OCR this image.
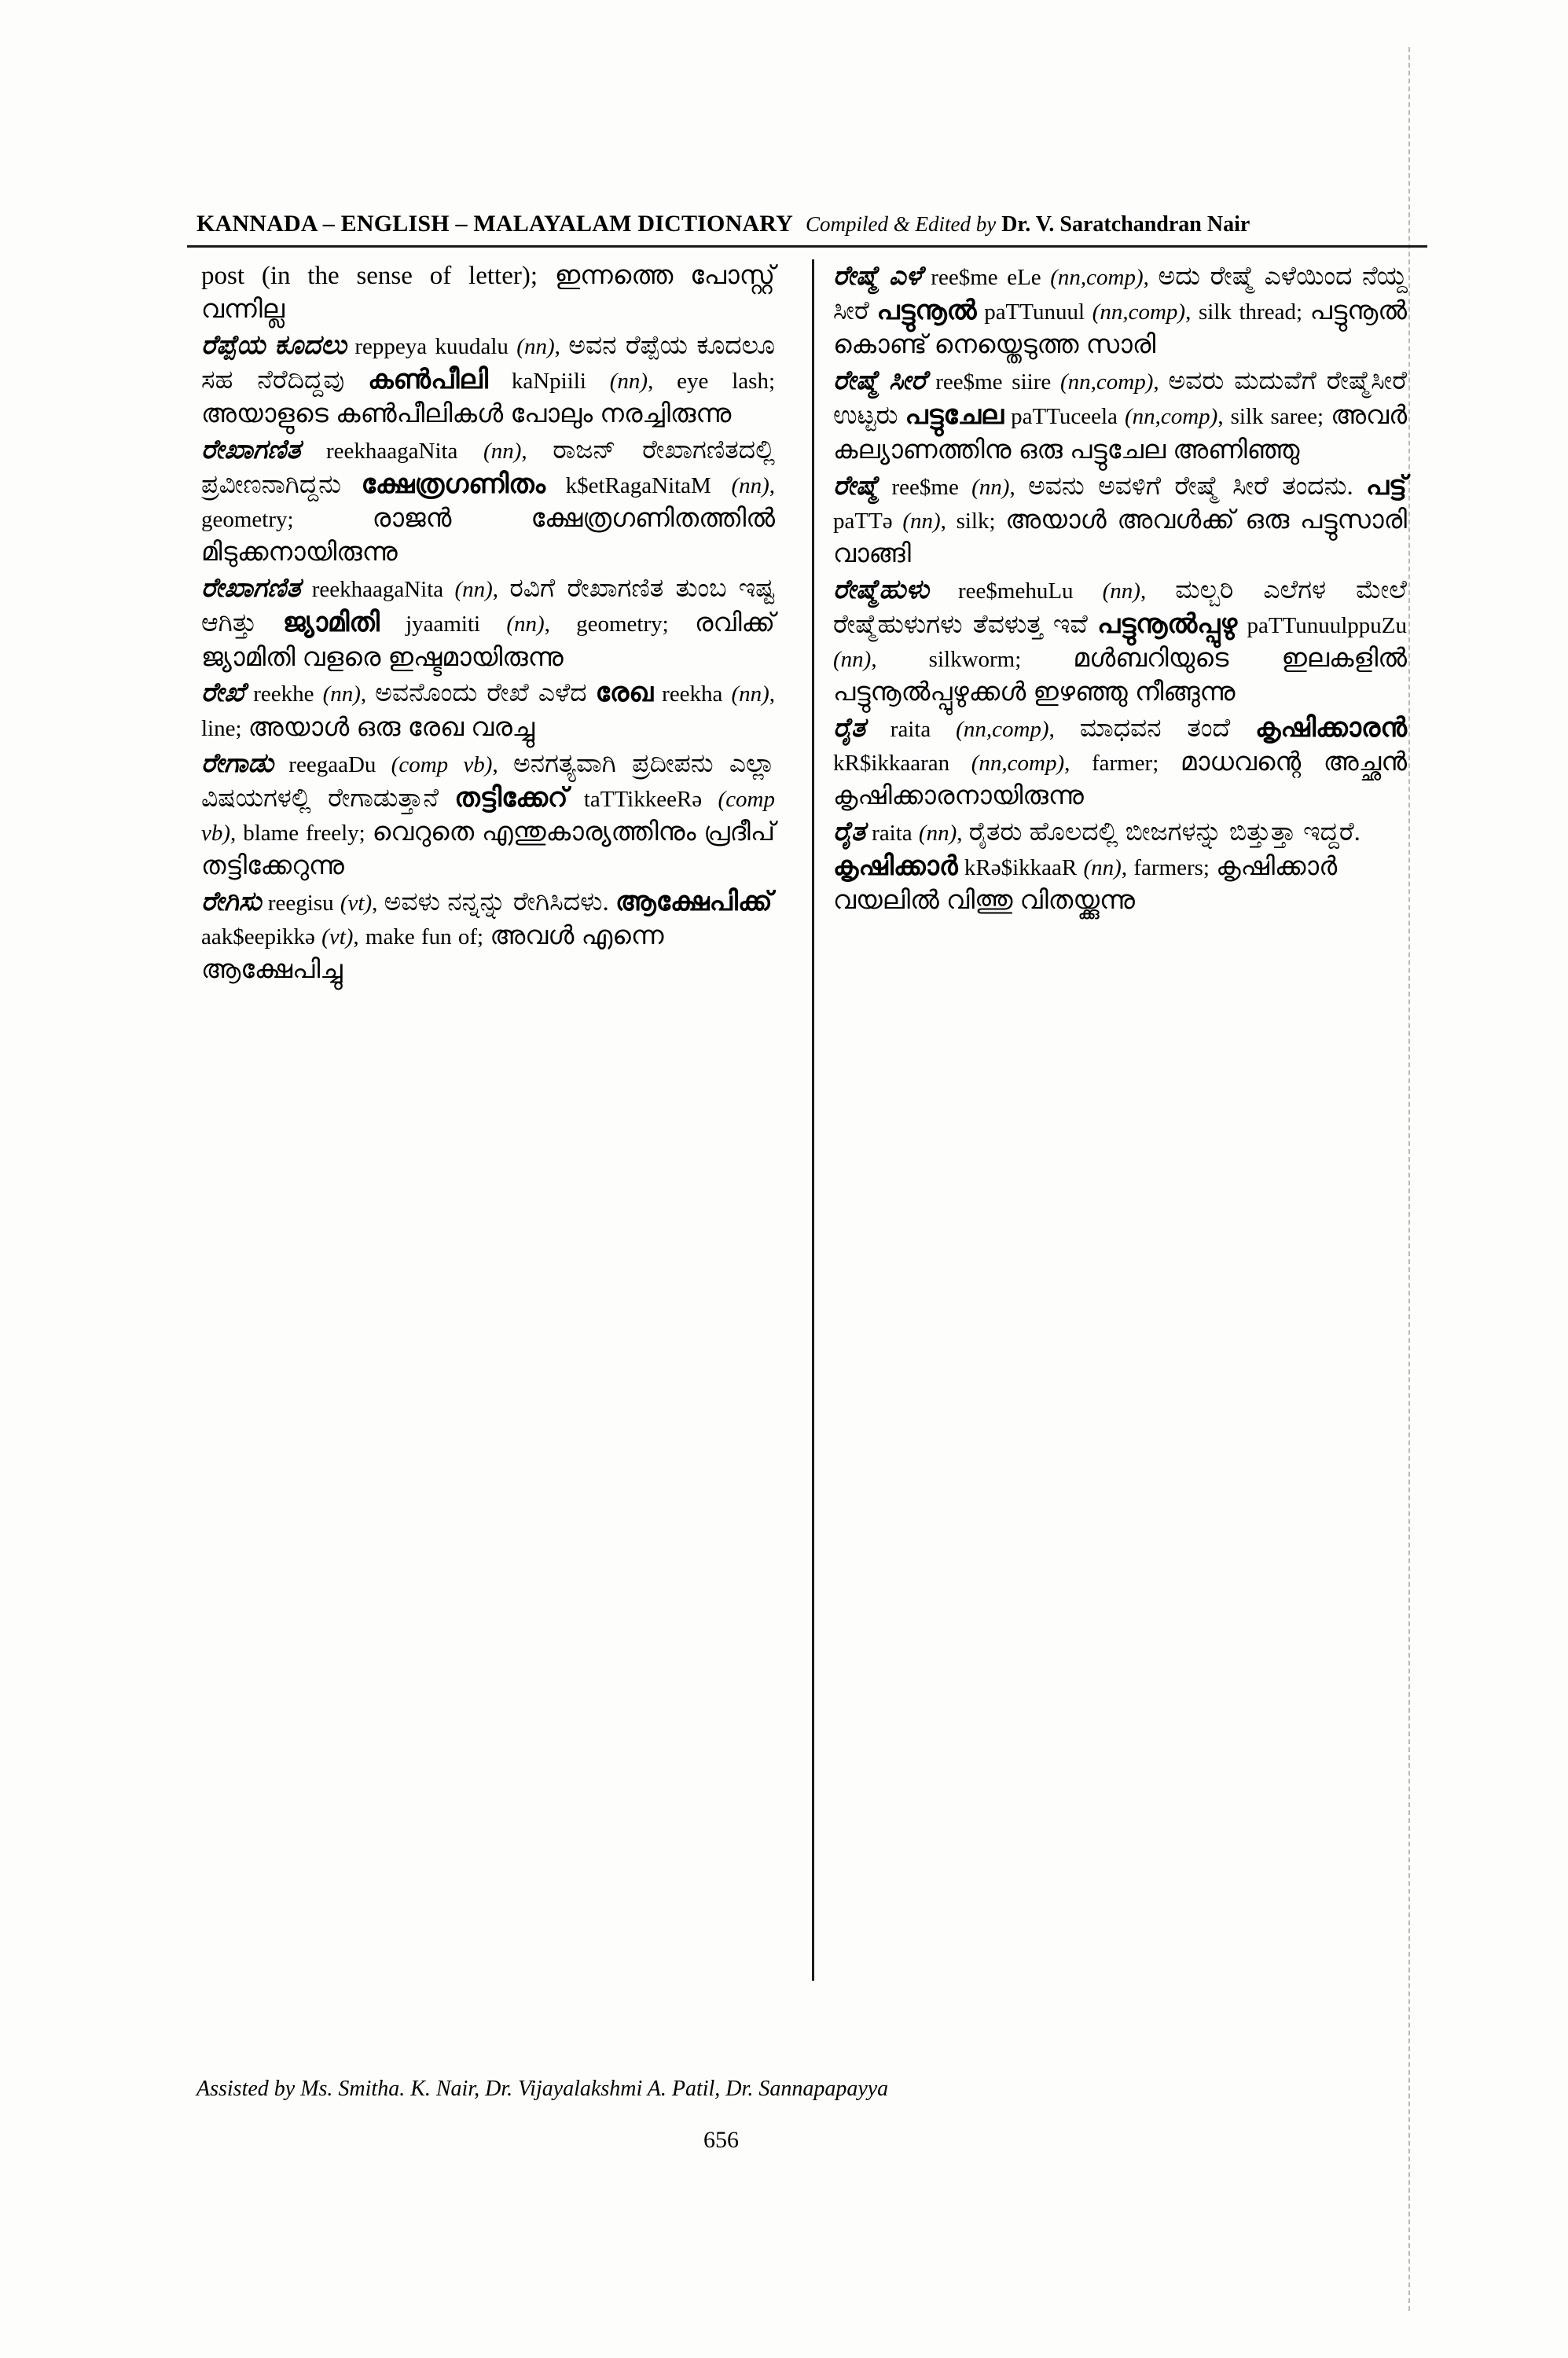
KANNADA – ENGLISH – MALAYALAM DICTIONARY Compiled & Edited by Dr. V. Saratchandran Nair

post (in the sense of letter); ഇന്നത്തെ പോസ്റ്റ് വന്നില്ല

ರೆಪ್ಪೆಯ ಕೂದಲು reppeya kuudalu (nn), ಅವನ ರೆಪ್ಪೆಯ ಕೂದಲೂ ಸಹ ನೆರೆದಿದ್ದವು കൺപീലി kaNpiili (nn), eye lash; അയാളുടെ കൺപീലികൾ പോലും നരച്ചിരുന്നു

ರೇಖಾಗಣಿತ reekhaagaNita (nn), ರಾಜನ್ ರೇಖಾಗಣಿತದಲ್ಲಿ ಪ್ರವೀಣನಾಗಿದ್ದನು ക്ഷേത്രഗണിതം k$etRagaNitaM (nn), geometry;	രാജൻ ക്ഷേത്രഗണിതത്തിൽ മിടുക്കനായിരുന്നു

ರೇಖಾಗಣಿತ reekhaagaNita (nn), ರವಿಗೆ ರೇಖಾಗಣಿತ ತುಂಬ ಇಷ್ಟ ಆಗಿತ್ತು ജ്യാമിതി jyaamiti (nn), geometry; രവിക്ക് ജ്യാമിതി വളരെ ഇഷ്ടമായിരുന്നു

ರೇಖೆ reekhe (nn), ಅವನೊಂದು ರೇಖೆ ಎಳೆದ രേഖ reekha (nn), line; അയാൾ ഒരു രേഖ വരച്ചു

ರೇಗಾಡು reegaaDu (comp vb), ಅನಗತ್ಯವಾಗಿ ಪ್ರದೀಪನು ಎಲ್ಲಾ ವಿಷಯಗಳಲ್ಲಿ ರೇಗಾಡುತ್ತಾನೆ തട്ടിക്കേറ് taTTikkeeRə (comp vb), blame freely; വെറുതെ എന്തുകാര്യത്തിനും പ്രദീപ് തട്ടിക്കേറുന്നു

ರೇಗಿಸು reegisu (vt), ಅವಳು ನನ್ನನ್ನು ರೇಗಿಸಿದಳು. ആക്ഷേപിക്ക് aak$eepikkə (vt), make fun of; അവൾ എന്നെ ആക്ഷേപിച്ചു

ರೇಷ್ಮೆ ಎಳೆ ree$me eLe (nn,comp), ಅದು ರೇಷ್ಮೆ ಎಳೆಯಿಂದ ನೆಯ್ದ ಸೀರೆ പട്ടുനൂൽ paTTunuul (nn,comp), silk thread; പട്ടുനൂൽ കൊണ്ട് നെയ്തെടുത്ത സാരി

ರೇಷ್ಮೆ ಸೀರೆ ree$me siire (nn,comp), ಅವರು ಮದುವೆಗೆ ರೇಷ್ಮೆಸೀರೆ ಉಟ್ಟರು പട്ടുചേല paTTuceela (nn,comp), silk saree; അവർ കല്യാണത്തിനു ഒരു പട്ടുചേല അണിഞ്ഞു

ರೇಷ್ಮೆ ree$me (nn), ಅವನು ಅವಳಿಗೆ ರೇಷ್ಮೆ ಸೀರೆ ತಂದನು. പട്ട് paTTə (nn), silk; അയാൾ അവൾക്ക് ഒരു പട്ടുസാരി വാങ്ങി

ರೇಷ್ಮೆಹುಳು ree$mehuLu (nn), ಮಲ್ಬರಿ ಎಲೆಗಳ ಮೇಲೆ ರೇಷ್ಮೆಹುಳುಗಳು ತೆವಳುತ್ತ ಇವೆ പട്ടുനൂൽപ്പുഴു paTTunuulppuZu (nn), silkworm; മൾബറിയുടെ ഇലകളിൽ പട്ടുനൂൽപ്പുഴുക്കൾ ഇഴഞ്ഞു നീങ്ങുന്നു

ರೈತ raita (nn,comp), ಮಾಧವನ ತಂದೆ കൃഷിക്കാരൻ kR$ikkaaran (nn,comp), farmer; മാധവന്റെ അച്ഛൻ കൃഷിക്കാരനായിരുന്നു

ರೈತ raita (nn), ರೈತರು ಹೊಲದಲ್ಲಿ ಬೀಜಗಳನ್ನು ಬಿತ್ತುತ್ತಾ ಇದ್ದರೆ. കൃഷിക്കാർ kRə$ikkaaR (nn), farmers; കൃഷിക്കാർ വയലിൽ വിത്തു വിതയ്ക്കുന്നു

Assisted by Ms. Smitha. K. Nair, Dr. Vijayalakshmi A. Patil, Dr. Sannapapayya
656
